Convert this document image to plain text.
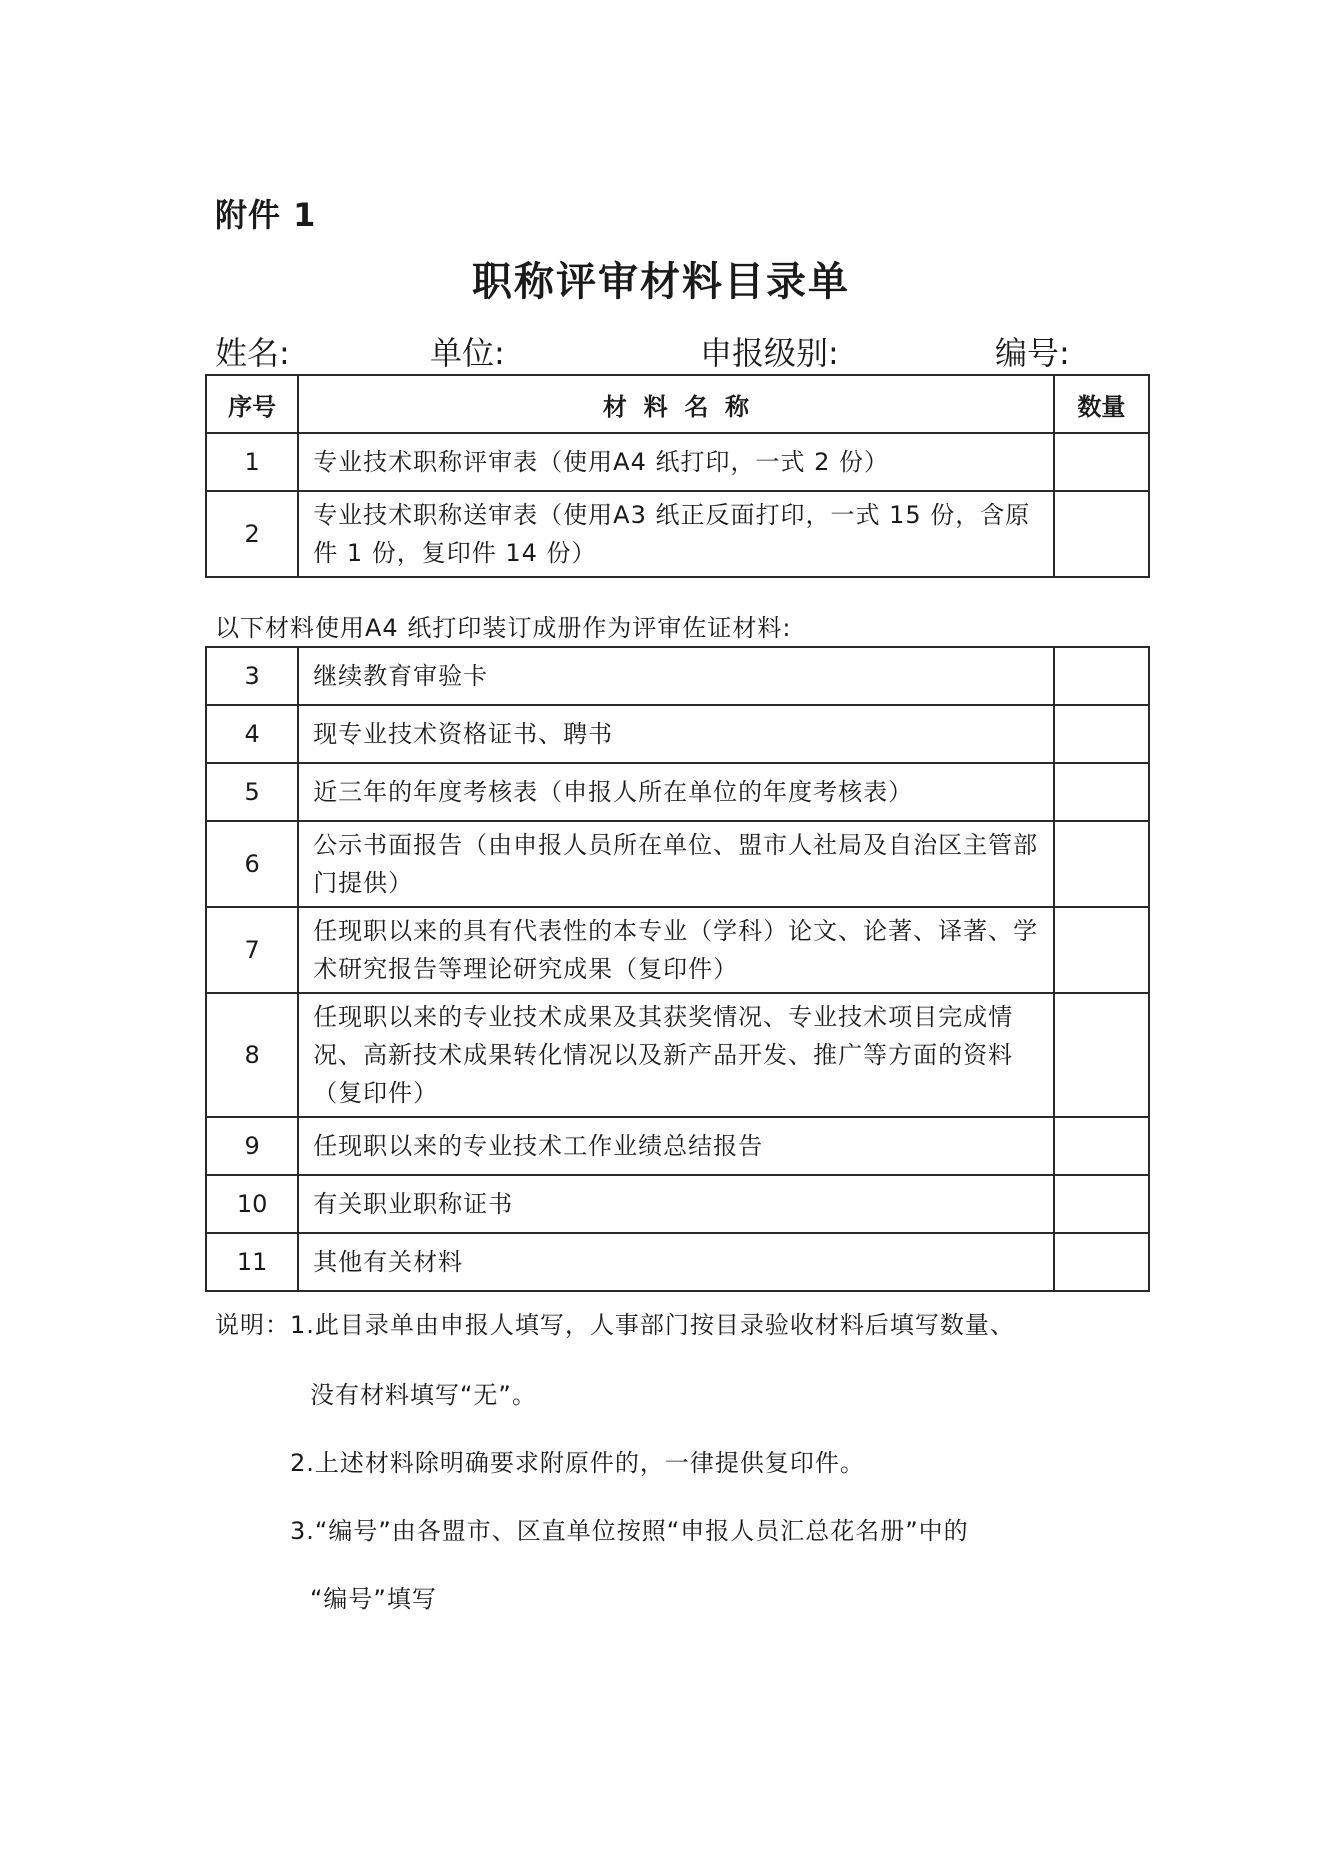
附件 1
职称评审材料目录单
姓名:	单位:	申报级别:	编号:
序号	材  料  名  称	数量
1	专业技术职称评审表（使用A4 纸打印，一式 2 份）	
2	专业技术职称送审表（使用A3 纸正反面打印，一式 15 份，含原件 1 份，复印件 14 份）	
以下材料使用A4 纸打印装订成册作为评审佐证材料:
3	继续教育审验卡	
4	现专业技术资格证书、聘书	
5	近三年的年度考核表（申报人所在单位的年度考核表）	
6	公示书面报告（由申报人员所在单位、盟市人社局及自治区主管部门提供）	
7	任现职以来的具有代表性的本专业（学科）论文、论著、译著、学术研究报告等理论研究成果（复印件）	
8	任现职以来的专业技术成果及其获奖情况、专业技术项目完成情况、高新技术成果转化情况以及新产品开发、推广等方面的资料（复印件）	
9	任现职以来的专业技术工作业绩总结报告	
10	有关职业职称证书	
11	其他有关材料	
说明：1.此目录单由申报人填写，人事部门按目录验收材料后填写数量、
没有材料填写“无”。
2.上述材料除明确要求附原件的，一律提供复印件。
3.“编号”由各盟市、区直单位按照“申报人员汇总花名册”中的
“编号”填写
